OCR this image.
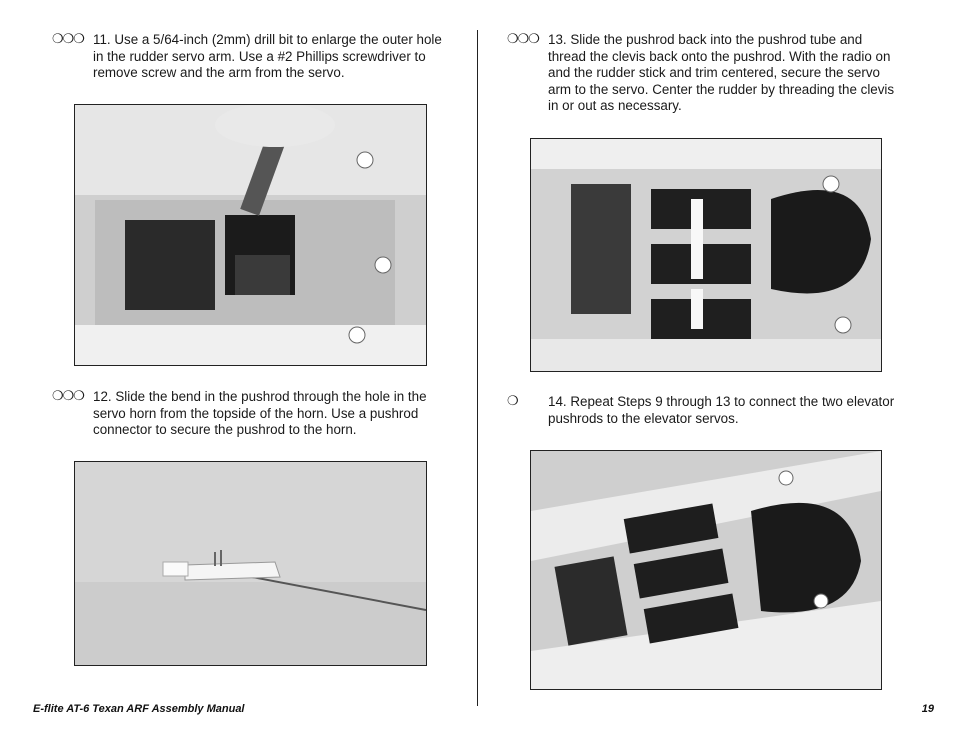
❍❍❍ 11. Use a 5/64-inch (2mm) drill bit to enlarge the outer hole in the rudder servo arm. Use a #2 Phillips screwdriver to remove screw and the arm from the servo.
❍❍❍ 12. Slide the bend in the pushrod through the hole in the servo horn from the topside of the horn. Use a pushrod connector to secure the pushrod to the horn.
❍❍❍ 13. Slide the pushrod back into the pushrod tube and thread the clevis back onto the pushrod. With the radio on and the rudder stick and trim centered, secure the servo arm to the servo. Center the rudder by threading the clevis in or out as necessary.
❍	14. Repeat Steps 9 through 13 to connect the two elevator pushrods to the elevator servos.
E-flite AT-6 Texan ARF Assembly Manual	19
